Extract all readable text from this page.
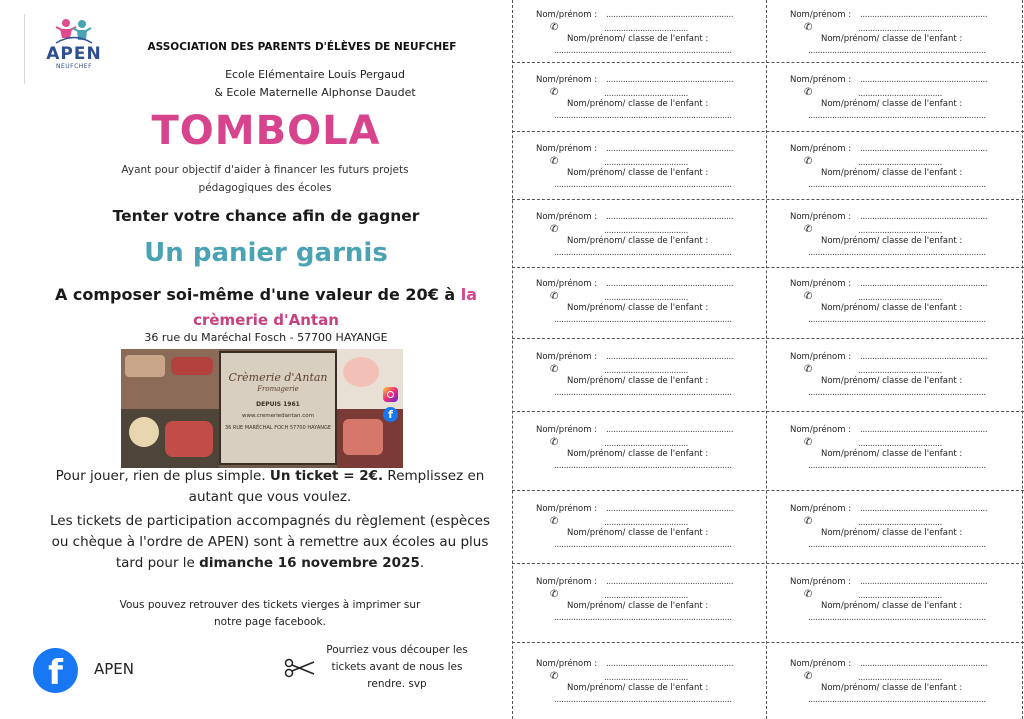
APEN
NEUFCHEF
ASSOCIATION DES PARENTS D'ÉLÈVES DE NEUFCHEF
Ecole Elémentaire Louis Pergaud
& Ecole Maternelle Alphonse Daudet
TOMBOLA
Ayant pour objectif d'aider à financer les futurs projets
pédagogiques des écoles
Tenter votre chance afin de gagner
Un panier garnis
A composer soi-même d'une valeur de 20€ à la
crèmerie d'Antan
36 rue du Maréchal Fosch - 57700 HAYANGE
Crèmerie d'Antan
Fromagerie
DEPUIS 1961
www.cremeriedantan.com
36 RUE MARÉCHAL FOCH 57700 HAYANGE
f
Pour jouer, rien de plus simple. Un ticket = 2€. Remplissez en
autant que vous voulez.
Les tickets de participation accompagnés du règlement (espèces
ou chèque à l'ordre de APEN) sont à remettre aux écoles au plus
tard pour le dimanche 16 novembre 2025.
Vous pouvez retrouver des tickets vierges à imprimer sur
notre page facebook.
f	APEN
Pourriez vous découper les
tickets avant de nous les
rendre. svp
Nom/prénom : .....................................................
✆	...................................
Nom/prénom/ classe de l'enfant :
..........................................................................
Nom/prénom : .....................................................
✆	...................................
Nom/prénom/ classe de l'enfant :
..........................................................................
Nom/prénom : .....................................................
✆	...................................
Nom/prénom/ classe de l'enfant :
..........................................................................
Nom/prénom : .....................................................
✆	...................................
Nom/prénom/ classe de l'enfant :
..........................................................................
Nom/prénom : .....................................................
✆	...................................
Nom/prénom/ classe de l'enfant :
..........................................................................
Nom/prénom : .....................................................
✆	...................................
Nom/prénom/ classe de l'enfant :
..........................................................................
Nom/prénom : .....................................................
✆	...................................
Nom/prénom/ classe de l'enfant :
..........................................................................
Nom/prénom : .....................................................
✆	...................................
Nom/prénom/ classe de l'enfant :
..........................................................................
Nom/prénom : .....................................................
✆	...................................
Nom/prénom/ classe de l'enfant :
..........................................................................
Nom/prénom : .....................................................
✆	...................................
Nom/prénom/ classe de l'enfant :
..........................................................................
Nom/prénom : .....................................................
✆	...................................
Nom/prénom/ classe de l'enfant :
..........................................................................
Nom/prénom : .....................................................
✆	...................................
Nom/prénom/ classe de l'enfant :
..........................................................................
Nom/prénom : .....................................................
✆	...................................
Nom/prénom/ classe de l'enfant :
..........................................................................
Nom/prénom : .....................................................
✆	...................................
Nom/prénom/ classe de l'enfant :
..........................................................................
Nom/prénom : .....................................................
✆	...................................
Nom/prénom/ classe de l'enfant :
..........................................................................
Nom/prénom : .....................................................
✆	...................................
Nom/prénom/ classe de l'enfant :
..........................................................................
Nom/prénom : .....................................................
✆	...................................
Nom/prénom/ classe de l'enfant :
..........................................................................
Nom/prénom : .....................................................
✆	...................................
Nom/prénom/ classe de l'enfant :
..........................................................................
Nom/prénom : .....................................................
✆	...................................
Nom/prénom/ classe de l'enfant :
..........................................................................
Nom/prénom : .....................................................
✆	...................................
Nom/prénom/ classe de l'enfant :
..........................................................................
